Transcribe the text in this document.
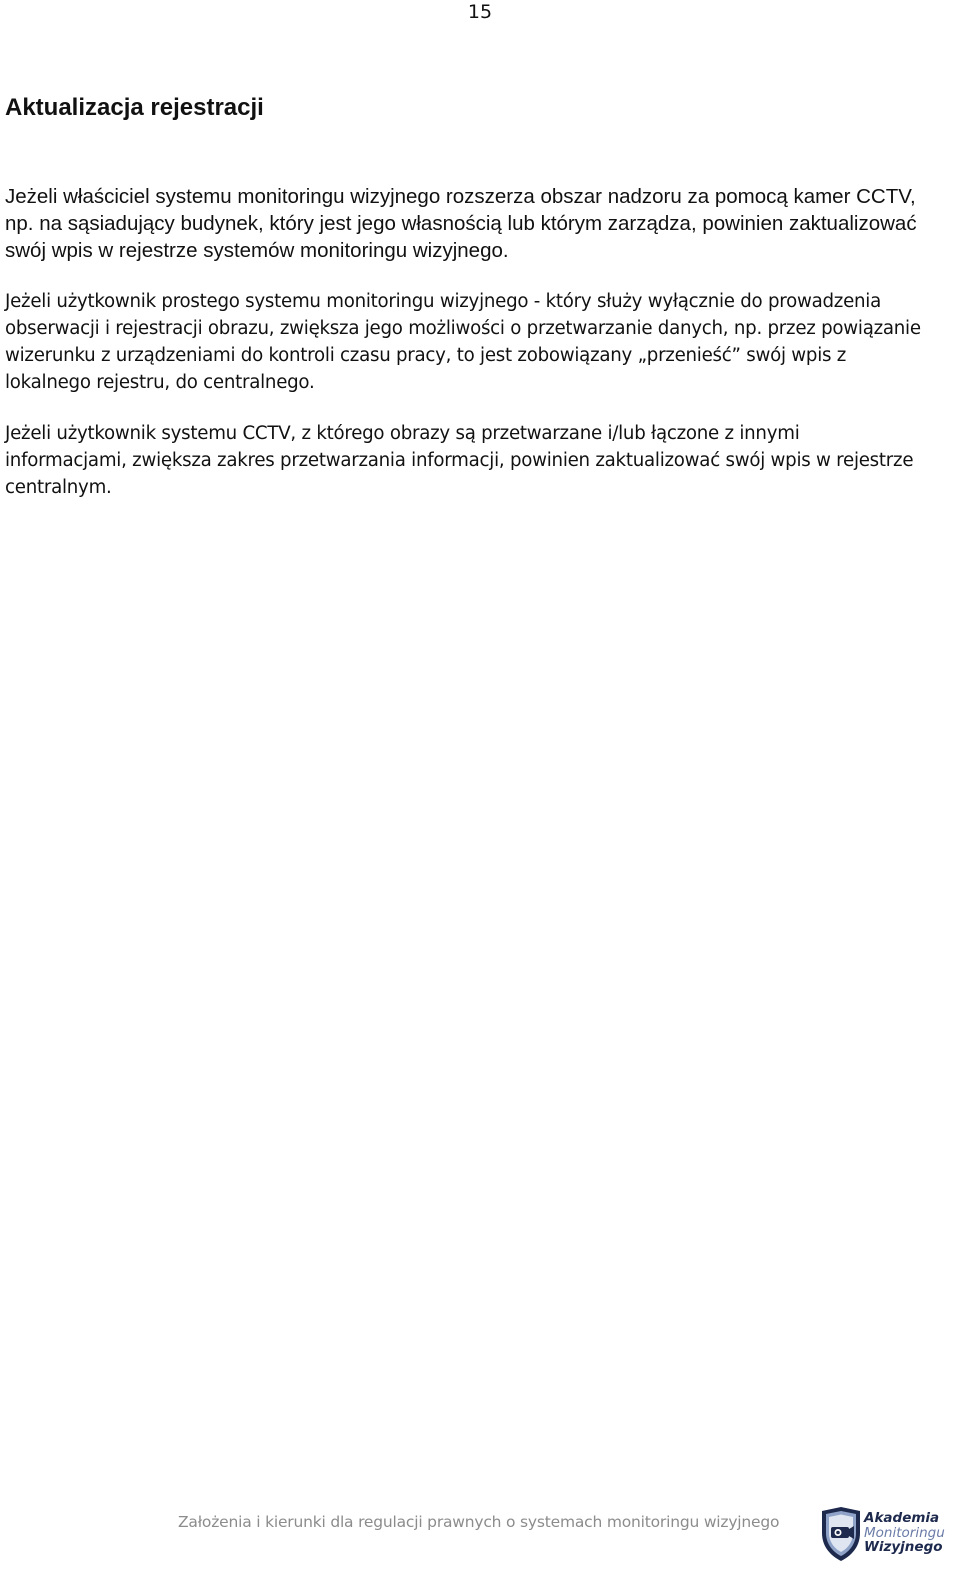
15
Aktualizacja rejestracji

Jeżeli właściciel systemu monitoringu wizyjnego rozszerza obszar nadzoru za pomocą kamer CCTV, np. na sąsiadujący budynek, który jest jego własnością lub którym zarządza, powinien zaktualizować swój wpis w rejestrze systemów monitoringu wizyjnego.

Jeżeli użytkownik prostego systemu monitoringu wizyjnego - który służy wyłącznie do prowadzenia obserwacji i rejestracji obrazu, zwiększa jego możliwości o przetwarzanie danych, np. przez powiązanie wizerunku z urządzeniami do kontroli czasu pracy, to jest zobowiązany „przenieść” swój wpis z lokalnego rejestru, do centralnego.

Jeżeli użytkownik systemu CCTV, z którego obrazy są przetwarzane i/lub łączone z innymi informacjami, zwiększa zakres przetwarzania informacji, powinien zaktualizować swój wpis w rejestrze centralnym.

Założenia i kierunki dla regulacji prawnych o systemach monitoringu wizyjnego	Akademia
Monitoringu
Wizyjnego
